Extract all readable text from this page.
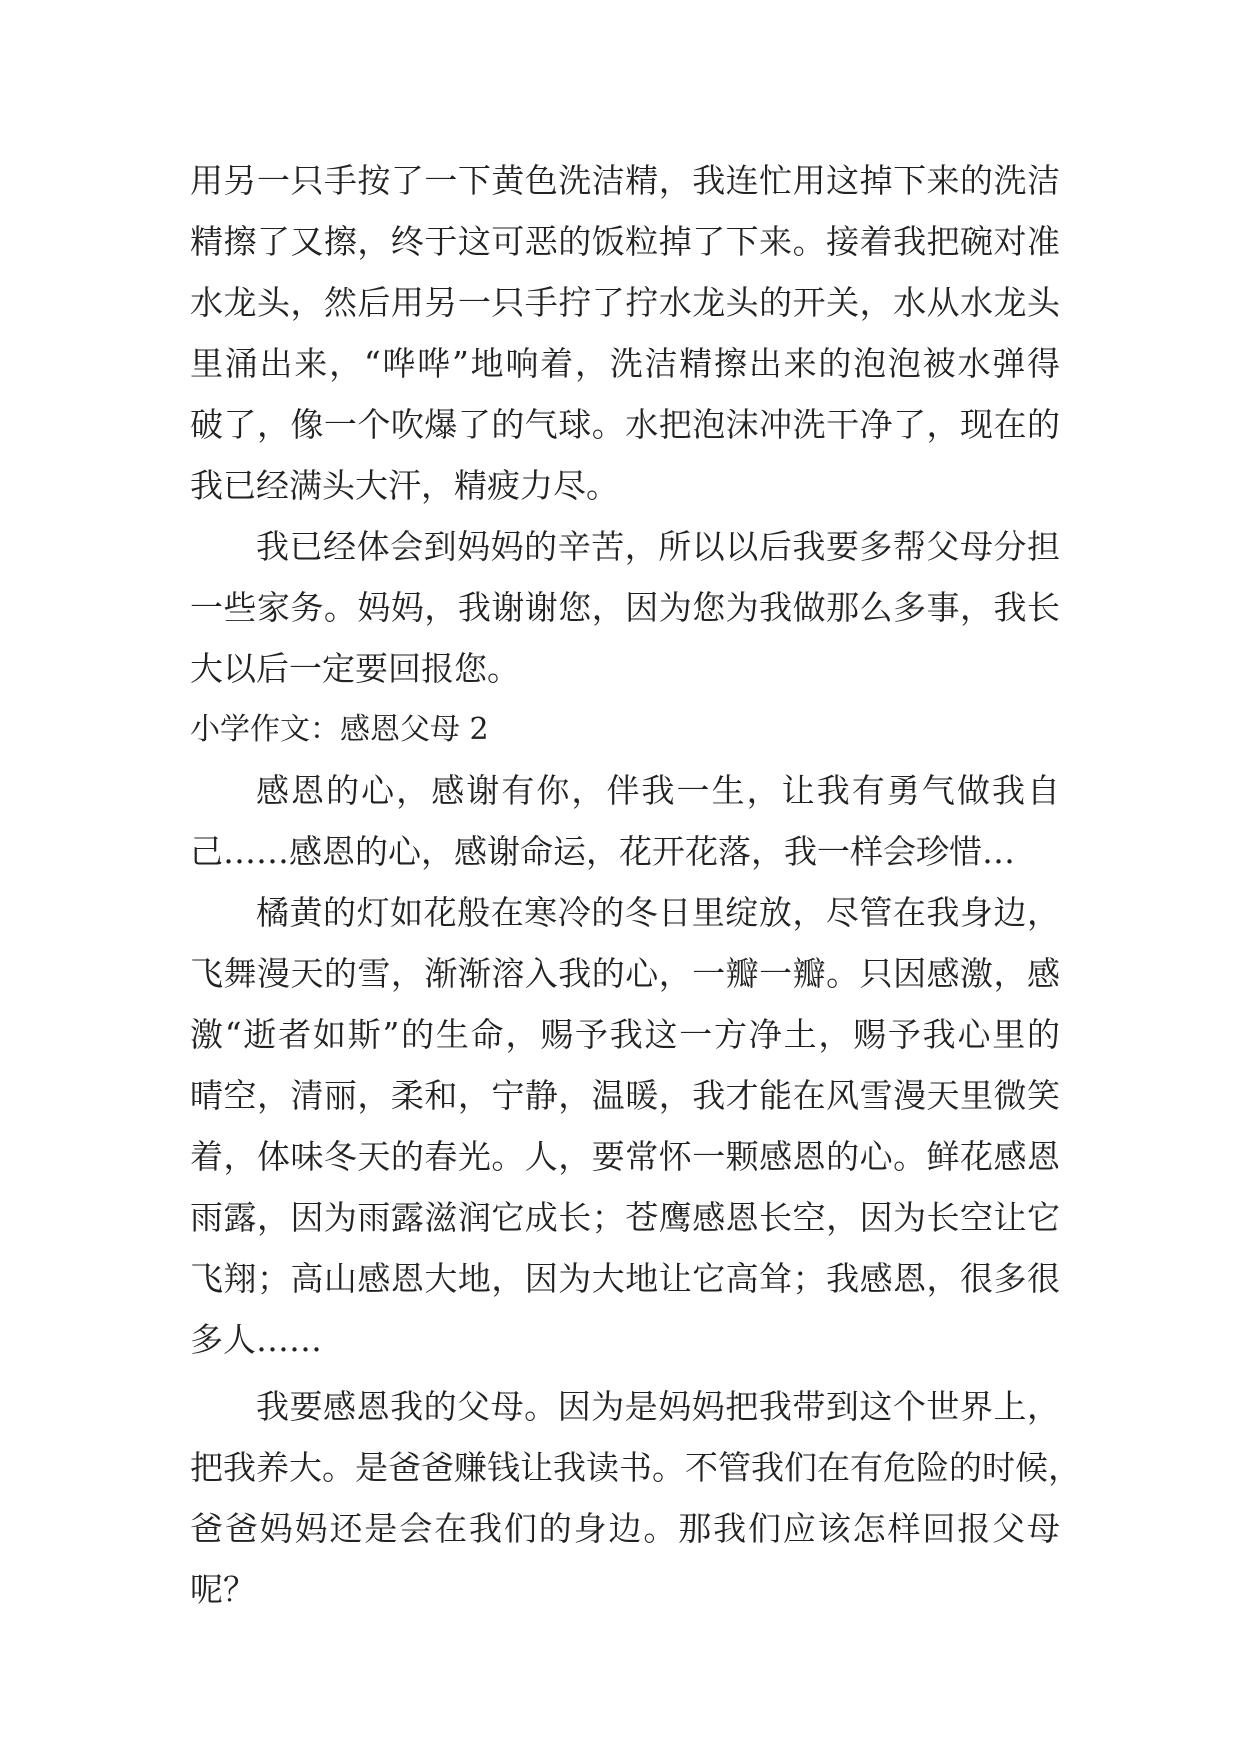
用另一只手按了一下黄色洗洁精，我连忙用这掉下来的洗洁
精擦了又擦，终于这可恶的饭粒掉了下来。接着我把碗对准
水龙头，然后用另一只手拧了拧水龙头的开关，水从水龙头
里涌出来，“哗哗”地响着，洗洁精擦出来的泡泡被水弹得
破了，像一个吹爆了的气球。水把泡沫冲洗干净了，现在的
我已经满头大汗，精疲力尽。
我已经体会到妈妈的辛苦，所以以后我要多帮父母分担
一些家务。妈妈，我谢谢您，因为您为我做那么多事，我长
大以后一定要回报您。
小学作文：感恩父母 2
感恩的心，感谢有你，伴我一生，让我有勇气做我自
己……感恩的心，感谢命运，花开花落，我一样会珍惜…
橘黄的灯如花般在寒冷的冬日里绽放，尽管在我身边，
飞舞漫天的雪，渐渐溶入我的心，一瓣一瓣。只因感激，感
激“逝者如斯”的生命，赐予我这一方净土，赐予我心里的
晴空，清丽，柔和，宁静，温暖，我才能在风雪漫天里微笑
着，体味冬天的春光。人，要常怀一颗感恩的心。鲜花感恩
雨露，因为雨露滋润它成长；苍鹰感恩长空，因为长空让它
飞翔；高山感恩大地，因为大地让它高耸；我感恩，很多很
多人……
我要感恩我的父母。因为是妈妈把我带到这个世界上，
把我养大。是爸爸赚钱让我读书。不管我们在有危险的时候，
爸爸妈妈还是会在我们的身边。那我们应该怎样回报父母
呢？
